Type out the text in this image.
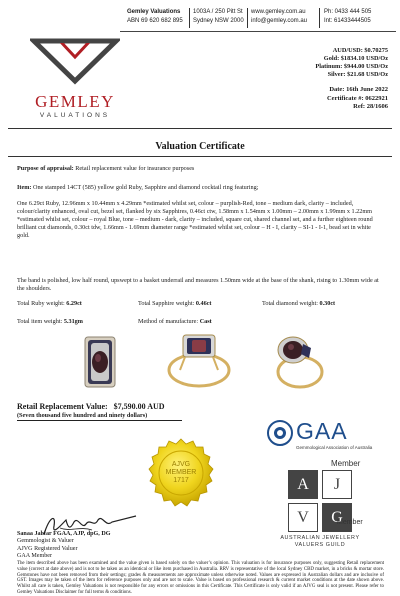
GEMLEY
VALUATIONS
Gemley Valuations
ABN 69 620 682 895
1003A / 250 Pitt St
Sydney NSW 2000
www.gemley.com.au
info@gemley.com.au
Ph: 0433 444 505
Int: 61433444505
AUD/USD: $0.70275
Gold: $1834.10 USD/Oz
Platinum: $944.00 USD/Oz
Silver: $21.68 USD/Oz
Date: 16th June 2022
Certificate #: 0622921
Ref: 28/1606
Valuation Certificate
Purpose of appraisal: Retail replacement value for insurance purposes
Item: One stamped 14CT (585) yellow gold Ruby, Sapphire and diamond cocktail ring featuring;
One 6.29ct Ruby, 12.96mm x 10.44mm x 4.29mm *estimated whilst set, colour – purplish-Red, tone – medium dark, clarity – included, colour/clarity enhanced, oval cut, bezel set, flanked by six Sapphires, 0.46ct ctw, 1.58mm x 1.54mm x 1.00mm – 2.00mm x 1.99mm x 1.22mm *estimated whilst set, colour – royal Blue, tone – medium - dark, clarity – included, square cut, shared channel set, and a further eighteen round brilliant cut diamonds, 0.30ct tdw, 1.66mm - 1.69mm diameter range *estimated whilst set, colour – H - I, clarity – SI-1 - I-1, bead set in white gold.
The band is polished, low half round, upswept to a basket underrail and measures 1.50mm wide at the base of the shank, rising to 1.30mm wide at the shoulders.
Total Ruby weight: 6.29ct	Total Sapphire weight: 0.46ct	Total diamond weight: 0.30ct
Total item weight: 5.31gm	Method of manufacture: Cast
Retail Replacement Value: $7,590.00 AUD
(Seven thousand five hundred and ninety dollars)
GAA
Gemmological Association of Australia
Member
AJVG
MEMBER
1717	A	J
V	G
Member
AUSTRALIAN JEWELLERY
VALUERS GUILD
Sanaa Jahfar FGAA, AJP, dpG, DG
Gemmologist & Valuer
AJVG Registered Valuer
GAA Member
The item described above has been examined and the value given is based solely on the valuer’s opinion. This valuation is for insurance purposes only, suggesting Retail replacement value (correct at date above) and is not to be taken as an identical or like item purchased in Australia. RRV is representative of the local Sydney CBD market, in a bricks & mortar store. Gemstones have not been removed from their settings; grades & measurements are approximate unless otherwise noted. Values are expressed in Australian dollars and are inclusive of GST. Images may be taken of the item for reference purposes only and are not to scale. Value is based on professional research & current market conditions at the date shown above. Whilst all care is taken, Gemley Valuations is not responsible for any errors or omissions in this Certificate. This Certificate is only valid if an AJVG seal is not present. Please refer to Gemley Valuations Disclaimer for full terms & conditions.
